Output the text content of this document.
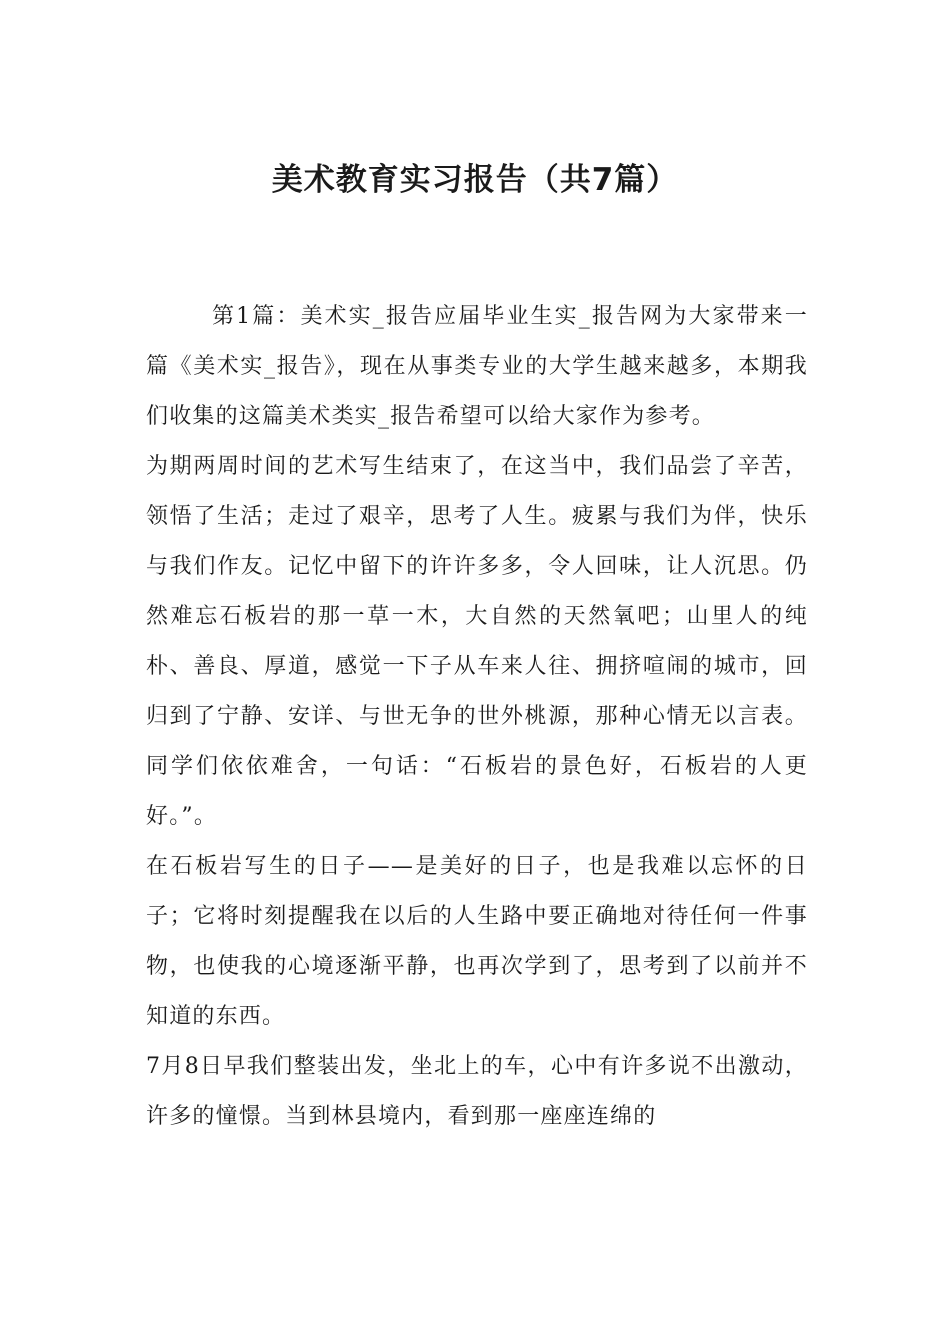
美术教育实习报告（共7篇）

第1篇：美术实_报告应届毕业生实_报告网为大家带来一篇《美术实_报告》，现在从事类专业的大学生越来越多，本期我们收集的这篇美术类实_报告希望可以给大家作为参考。

为期两周时间的艺术写生结束了，在这当中，我们品尝了辛苦，领悟了生活；走过了艰辛，思考了人生。疲累与我们为伴，快乐与我们作友。记忆中留下的许许多多，令人回味，让人沉思。仍然难忘石板岩的那一草一木，大自然的天然氧吧；山里人的纯朴、善良、厚道，感觉一下子从车来人往、拥挤喧闹的城市，回归到了宁静、安详、与世无争的世外桃源，那种心情无以言表。同学们依依难舍，一句话：“石板岩的景色好，石板岩的人更好。”。

在石板岩写生的日子——是美好的日子，也是我难以忘怀的日子；它将时刻提醒我在以后的人生路中要正确地对待任何一件事物，也使我的心境逐渐平静，也再次学到了，思考到了以前并不知道的东西。

7月8日早我们整装出发，坐北上的车，心中有许多说不出激动，许多的憧憬。当到林县境内，看到那一座座连绵的
